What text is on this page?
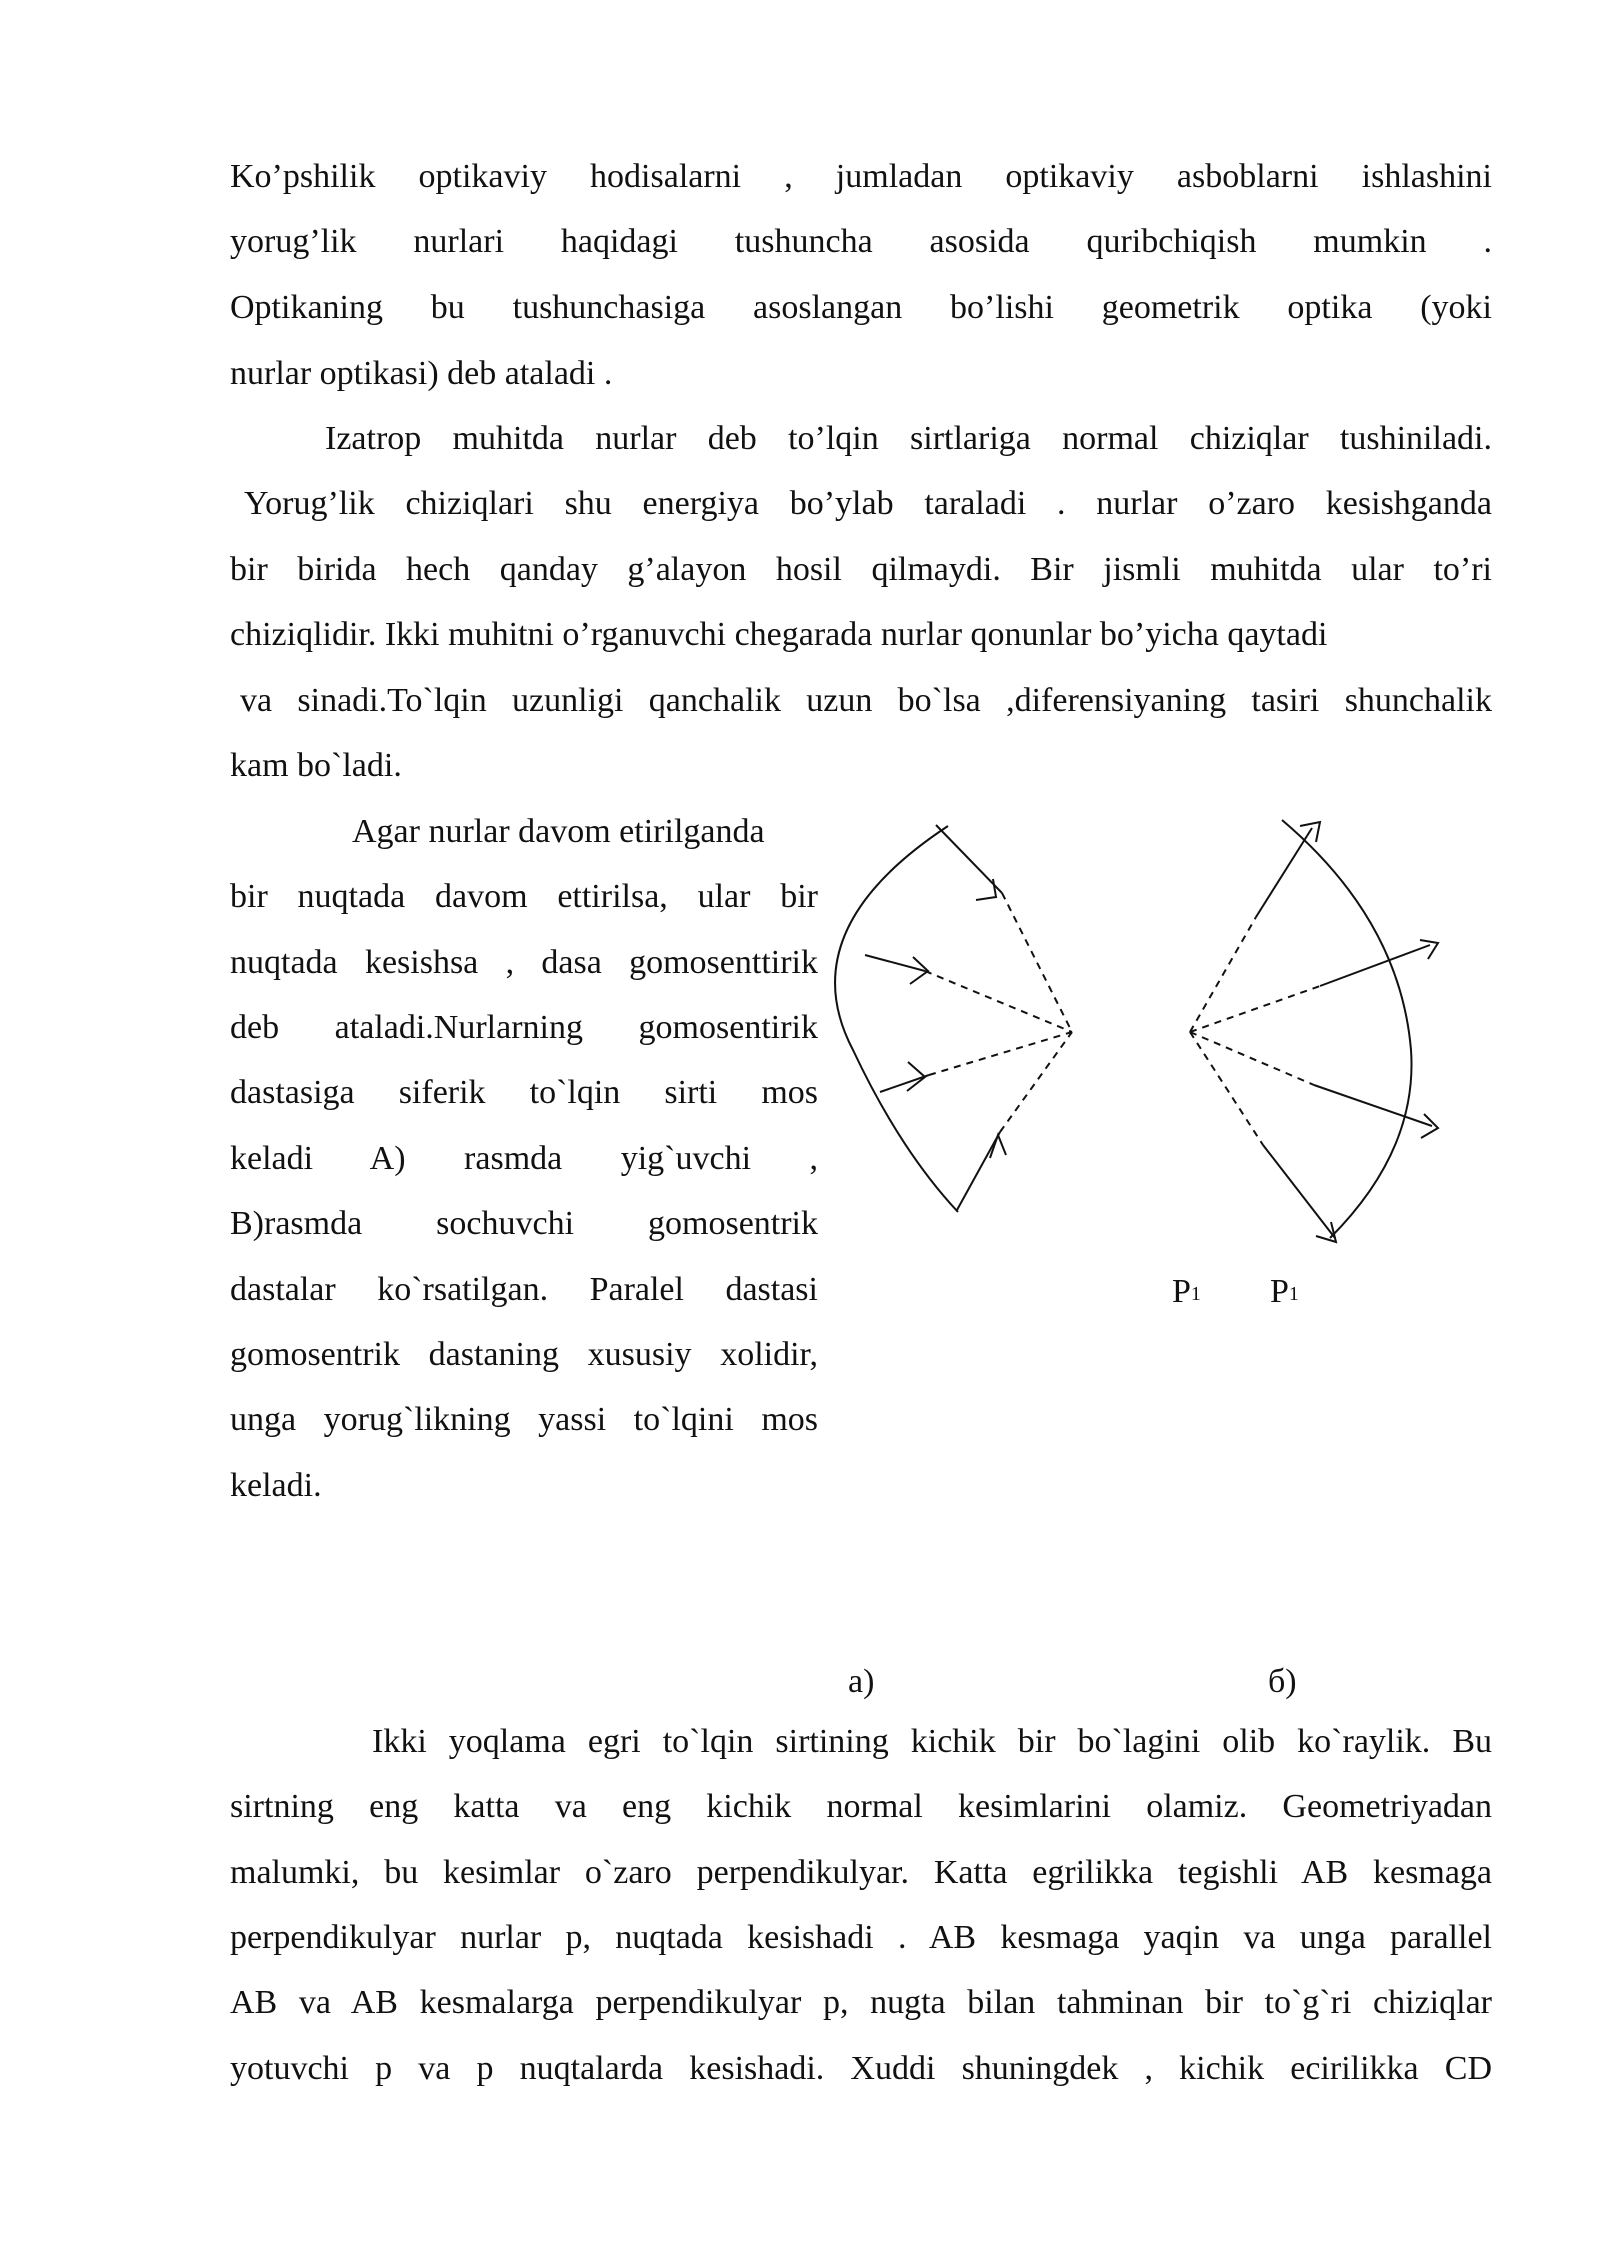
Ko’pshilik optikaviy hodisalarni , jumladan optikaviy asboblarni ishlashini
yorug’lik nurlari haqidagi tushuncha asosida quribchiqish mumkin .
Optikaning bu tushunchasiga asoslangan bo’lishi geometrik optika (yoki
nurlar optikasi) deb ataladi .
Izatrop muhitda nurlar deb to’lqin sirtlariga normal chiziqlar tushiniladi.
Yorug’lik chiziqlari shu energiya bo’ylab taraladi . nurlar o’zaro kesishganda
bir birida hech qanday g’alayon hosil qilmaydi. Bir jismli muhitda ular to’ri
chiziqlidir. Ikki muhitni o’rganuvchi chegarada nurlar qonunlar bo’yicha qaytadi
va sinadi.To`lqin uzunligi qanchalik uzun bo`lsa ,diferensiyaning tasiri shunchalik
kam bo`ladi.
Agar nurlar davom etirilganda
bir nuqtada davom ettirilsa, ular bir
nuqtada kesishsa , dasa gomosenttirik
deb ataladi.Nurlarning gomosentirik
dastasiga siferik to`lqin sirti mos
keladi A) rasmda yig`uvchi ,
B)rasmda sochuvchi gomosentrik
dastalar ko`rsatilgan. Paralel dastasi
gomosentrik dastaning xususiy xolidir,
unga yorug`likning yassi to`lqini mos
keladi.
$P^1$ $P^1$
a)	б)
Ikki yoqlama egri to`lqin sirtining kichik bir bo`lagini olib ko`raylik. Bu
sirtning eng katta va eng kichik normal kesimlarini olamiz. Geometriyadan
malumki, bu kesimlar o`zaro perpendikulyar. Katta egrilikka tegishli AB kesmaga
perpendikulyar nurlar p, nuqtada kesishadi . AB kesmaga yaqin va unga parallel
AB va AB kesmalarga perpendikulyar p, nugta bilan tahminan bir to`g`ri chiziqlar
yotuvchi p va p nuqtalarda kesishadi. Xuddi shuningdek , kichik ecirilikka CD
